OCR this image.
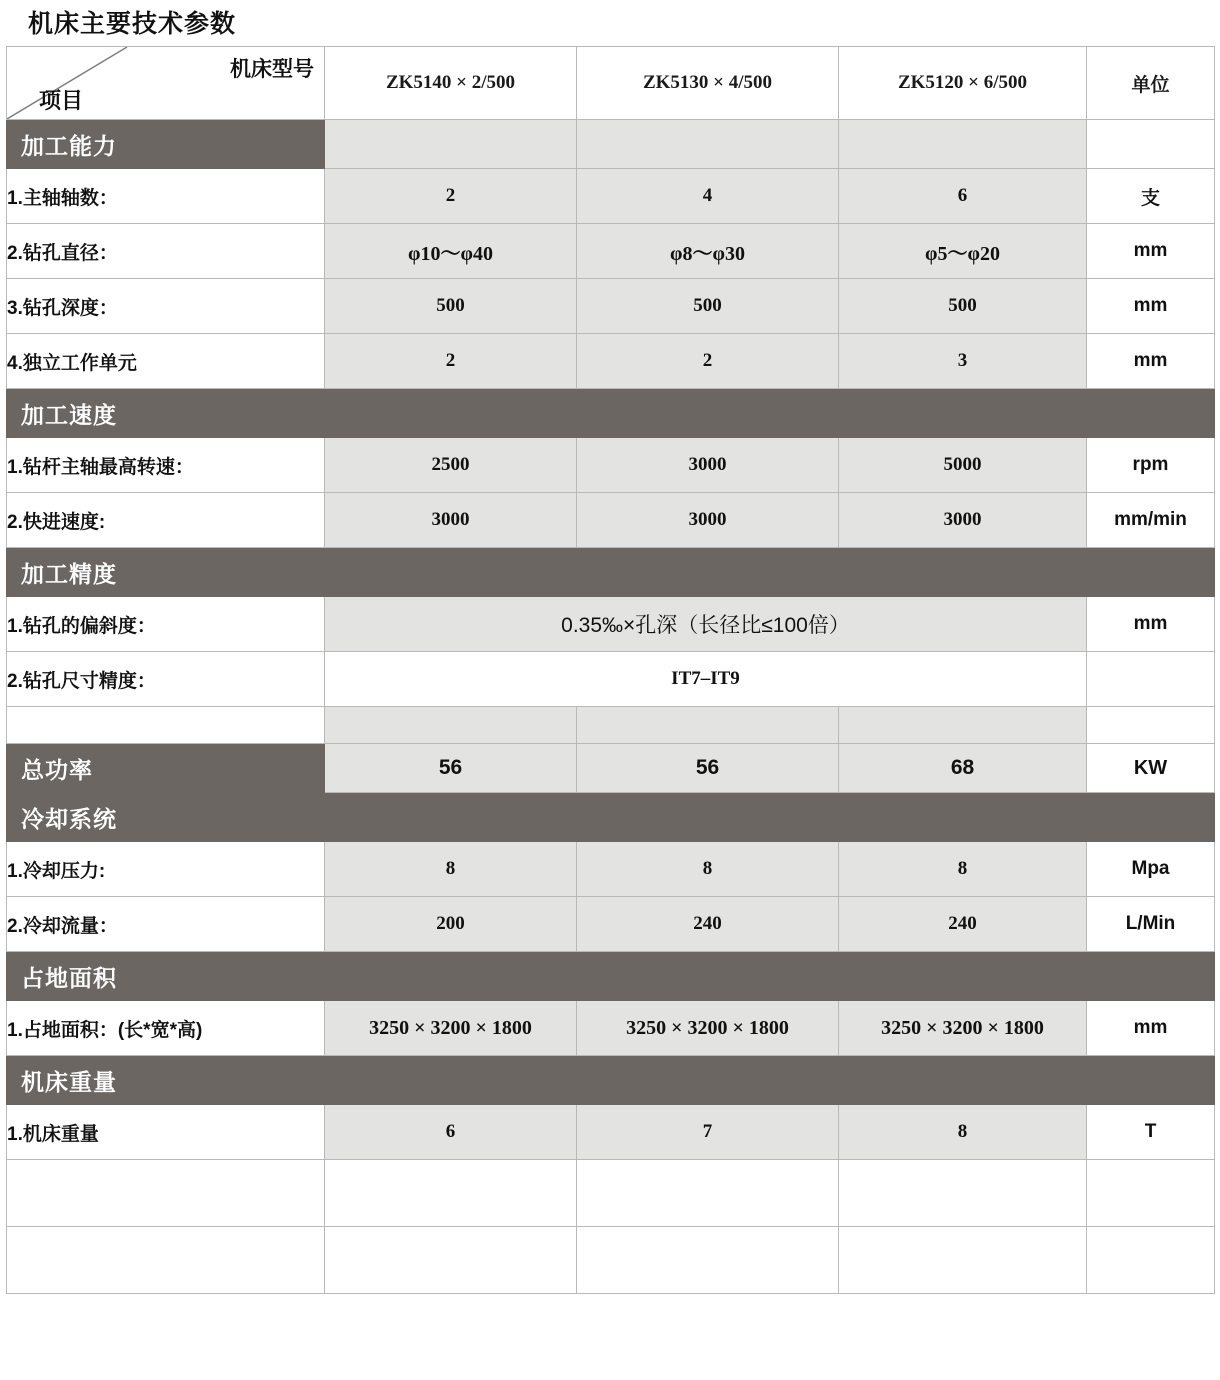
机床主要技术参数
机床型号
项目	ZK5140 × 2/500	ZK5130 × 4/500	ZK5120 × 6/500	单位
加工能力				
1.主轴轴数：	2	4	6	支
2.钻孔直径：	φ10～φ40	φ8～φ30	φ5～φ20	mm
3.钻孔深度：	500	500	500	mm
4.独立工作单元	2	2	3	mm
加工速度				
1.钻杆主轴最高转速：	2500	3000	5000	rpm
2.快进速度:	3000	3000	3000	mm/min
加工精度				
1.钻孔的偏斜度：	0.35‰×孔深（长径比≤100倍）			mm
2.钻孔尺寸精度：	IT7–IT9			

总功率	56	56	68	KW
冷却系统				
1.冷却压力:	8	8	8	Mpa
2.冷却流量：	200	240	240	L/Min
占地面积				
1.占地面积：(长*宽*高)	3250 × 3200 × 1800	3250 × 3200 × 1800	3250 × 3200 × 1800	mm
机床重量				
1.机床重量	6	7	8	T
